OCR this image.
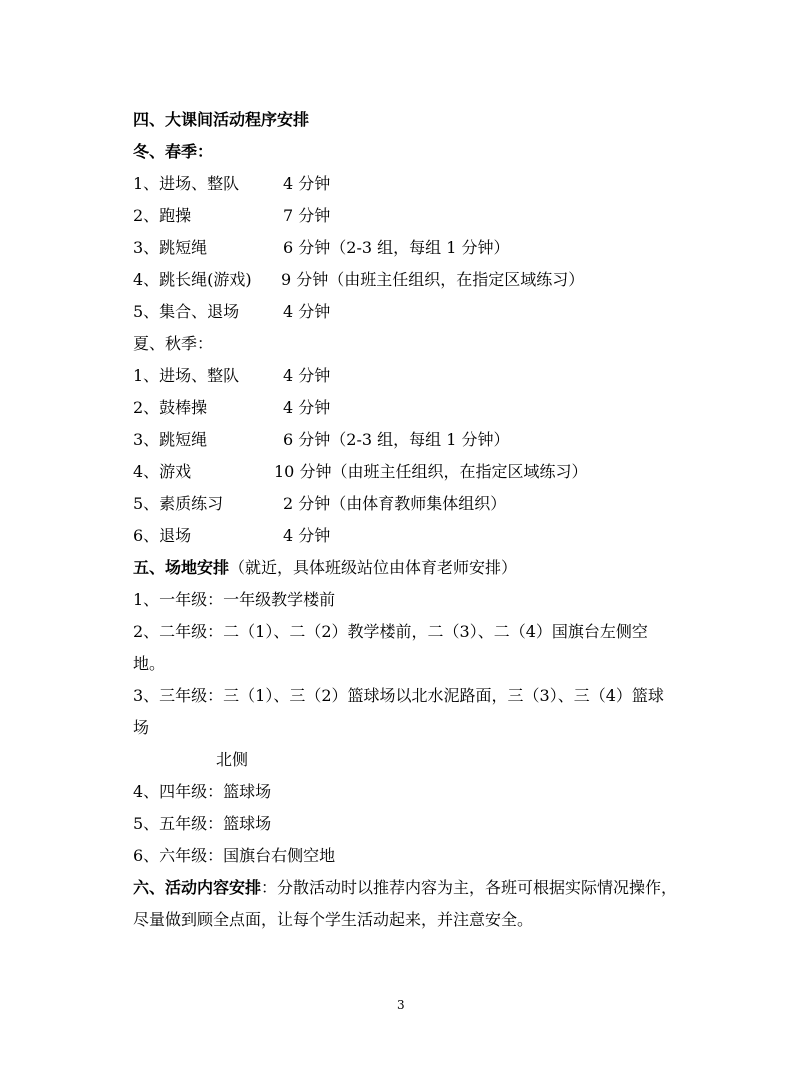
四、大课间活动程序安排
冬、春季：
1、进场、整队	4 分钟
2、跑操	7 分钟
3、跳短绳	6 分钟（2-3 组，每组 1 分钟）
4、跳长绳(游戏) 9 分钟（由班主任组织，在指定区域练习）
5、集合、退场	4 分钟
夏、秋季：
1、进场、整队	4 分钟
2、鼓棒操	4 分钟
3、跳短绳	6 分钟（2-3 组，每组 1 分钟）
4、游戏	10 分钟（由班主任组织，在指定区域练习）
5、素质练习	2 分钟（由体育教师集体组织）
6、退场	4 分钟
五、场地安排（就近，具体班级站位由体育老师安排）
1、一年级：一年级教学楼前
2、二年级：二（1）、二（2）教学楼前，二（3）、二（4）国旗台左侧空
地。
3、三年级：三（1）、三（2）篮球场以北水泥路面，三（3）、三（4）篮球
场
北侧
4、四年级：篮球场
5、五年级：篮球场
6、六年级：国旗台右侧空地
六、活动内容安排：分散活动时以推荐内容为主，各班可根据实际情况操作，
尽量做到顾全点面，让每个学生活动起来，并注意安全。
3
